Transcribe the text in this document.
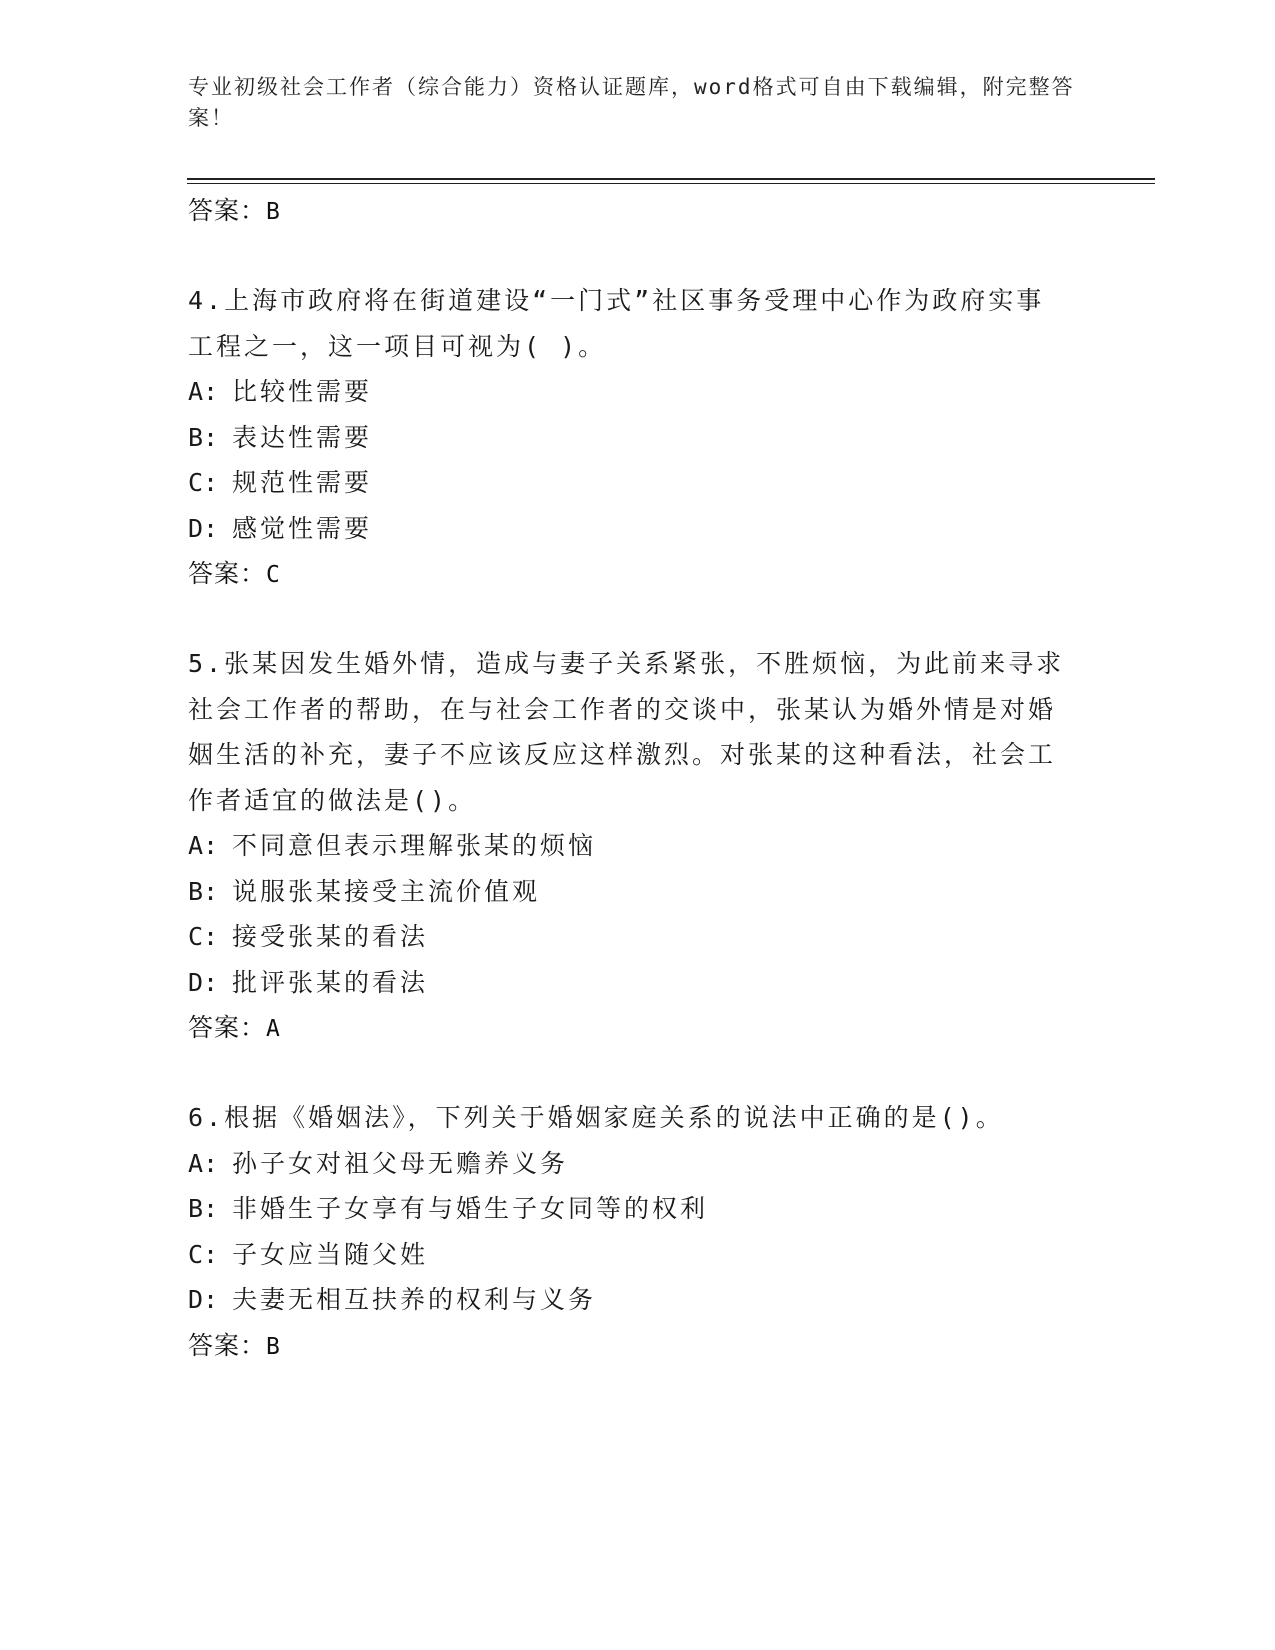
专业初级社会工作者（综合能力）资格认证题库，word格式可自由下载编辑，附完整答案！
答案：B
4.上海市政府将在街道建设“一门式”社区事务受理中心作为政府实事工程之一，这一项目可视为( )。
A: 比较性需要
B: 表达性需要
C: 规范性需要
D: 感觉性需要
答案：C
5.张某因发生婚外情，造成与妻子关系紧张，不胜烦恼，为此前来寻求社会工作者的帮助，在与社会工作者的交谈中，张某认为婚外情是对婚姻生活的补充，妻子不应该反应这样激烈。对张某的这种看法，社会工作者适宜的做法是()。
A: 不同意但表示理解张某的烦恼
B: 说服张某接受主流价值观
C: 接受张某的看法
D: 批评张某的看法
答案：A
6.根据《婚姻法》，下列关于婚姻家庭关系的说法中正确的是()。
A: 孙子女对祖父母无赡养义务
B: 非婚生子女享有与婚生子女同等的权利
C: 子女应当随父姓
D: 夫妻无相互扶养的权利与义务
答案：B
